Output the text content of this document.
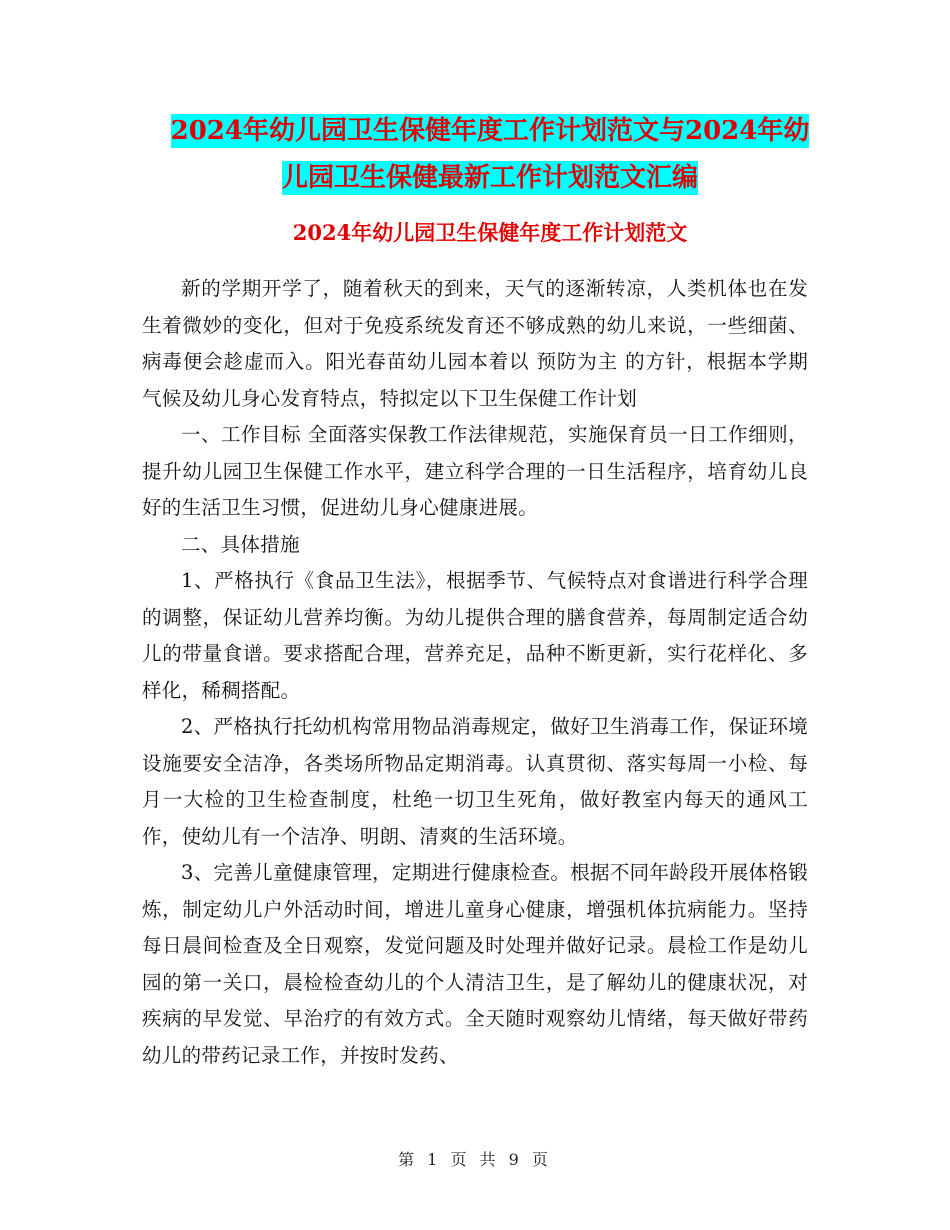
2024年幼儿园卫生保健年度工作计划范文与2024年幼
儿园卫生保健最新工作计划范文汇编
2024年幼儿园卫生保健年度工作计划范文

新的学期开学了，随着秋天的到来，天气的逐渐转凉，人类机体也在发生着微妙的变化，但对于免疫系统发育还不够成熟的幼儿来说，一些细菌、病毒便会趁虚而入。阳光春苗幼儿园本着以 预防为主 的方针，根据本学期气候及幼儿身心发育特点，特拟定以下卫生保健工作计划

一、工作目标 全面落实保教工作法律规范，实施保育员一日工作细则，提升幼儿园卫生保健工作水平，建立科学合理的一日生活程序，培育幼儿良好的生活卫生习惯，促进幼儿身心健康进展。

二、具体措施

1、严格执行《食品卫生法》，根据季节、气候特点对食谱进行科学合理的调整，保证幼儿营养均衡。为幼儿提供合理的膳食营养，每周制定适合幼儿的带量食谱。要求搭配合理，营养充足，品种不断更新，实行花样化、多样化，稀稠搭配。

2、严格执行托幼机构常用物品消毒规定，做好卫生消毒工作，保证环境设施要安全洁净，各类场所物品定期消毒。认真贯彻、落实每周一小检、每月一大检的卫生检查制度，杜绝一切卫生死角，做好教室内每天的通风工作，使幼儿有一个洁净、明朗、清爽的生活环境。

3、完善儿童健康管理，定期进行健康检查。根据不同年龄段开展体格锻炼，制定幼儿户外活动时间，增进儿童身心健康，增强机体抗病能力。坚持每日晨间检查及全日观察，发觉问题及时处理并做好记录。晨检工作是幼儿园的第一关口，晨检检查幼儿的个人清洁卫生，是了解幼儿的健康状况，对疾病的早发觉、早治疗的有效方式。全天随时观察幼儿情绪，每天做好带药幼儿的带药记录工作，并按时发药、

第 1 页 共 9 页
